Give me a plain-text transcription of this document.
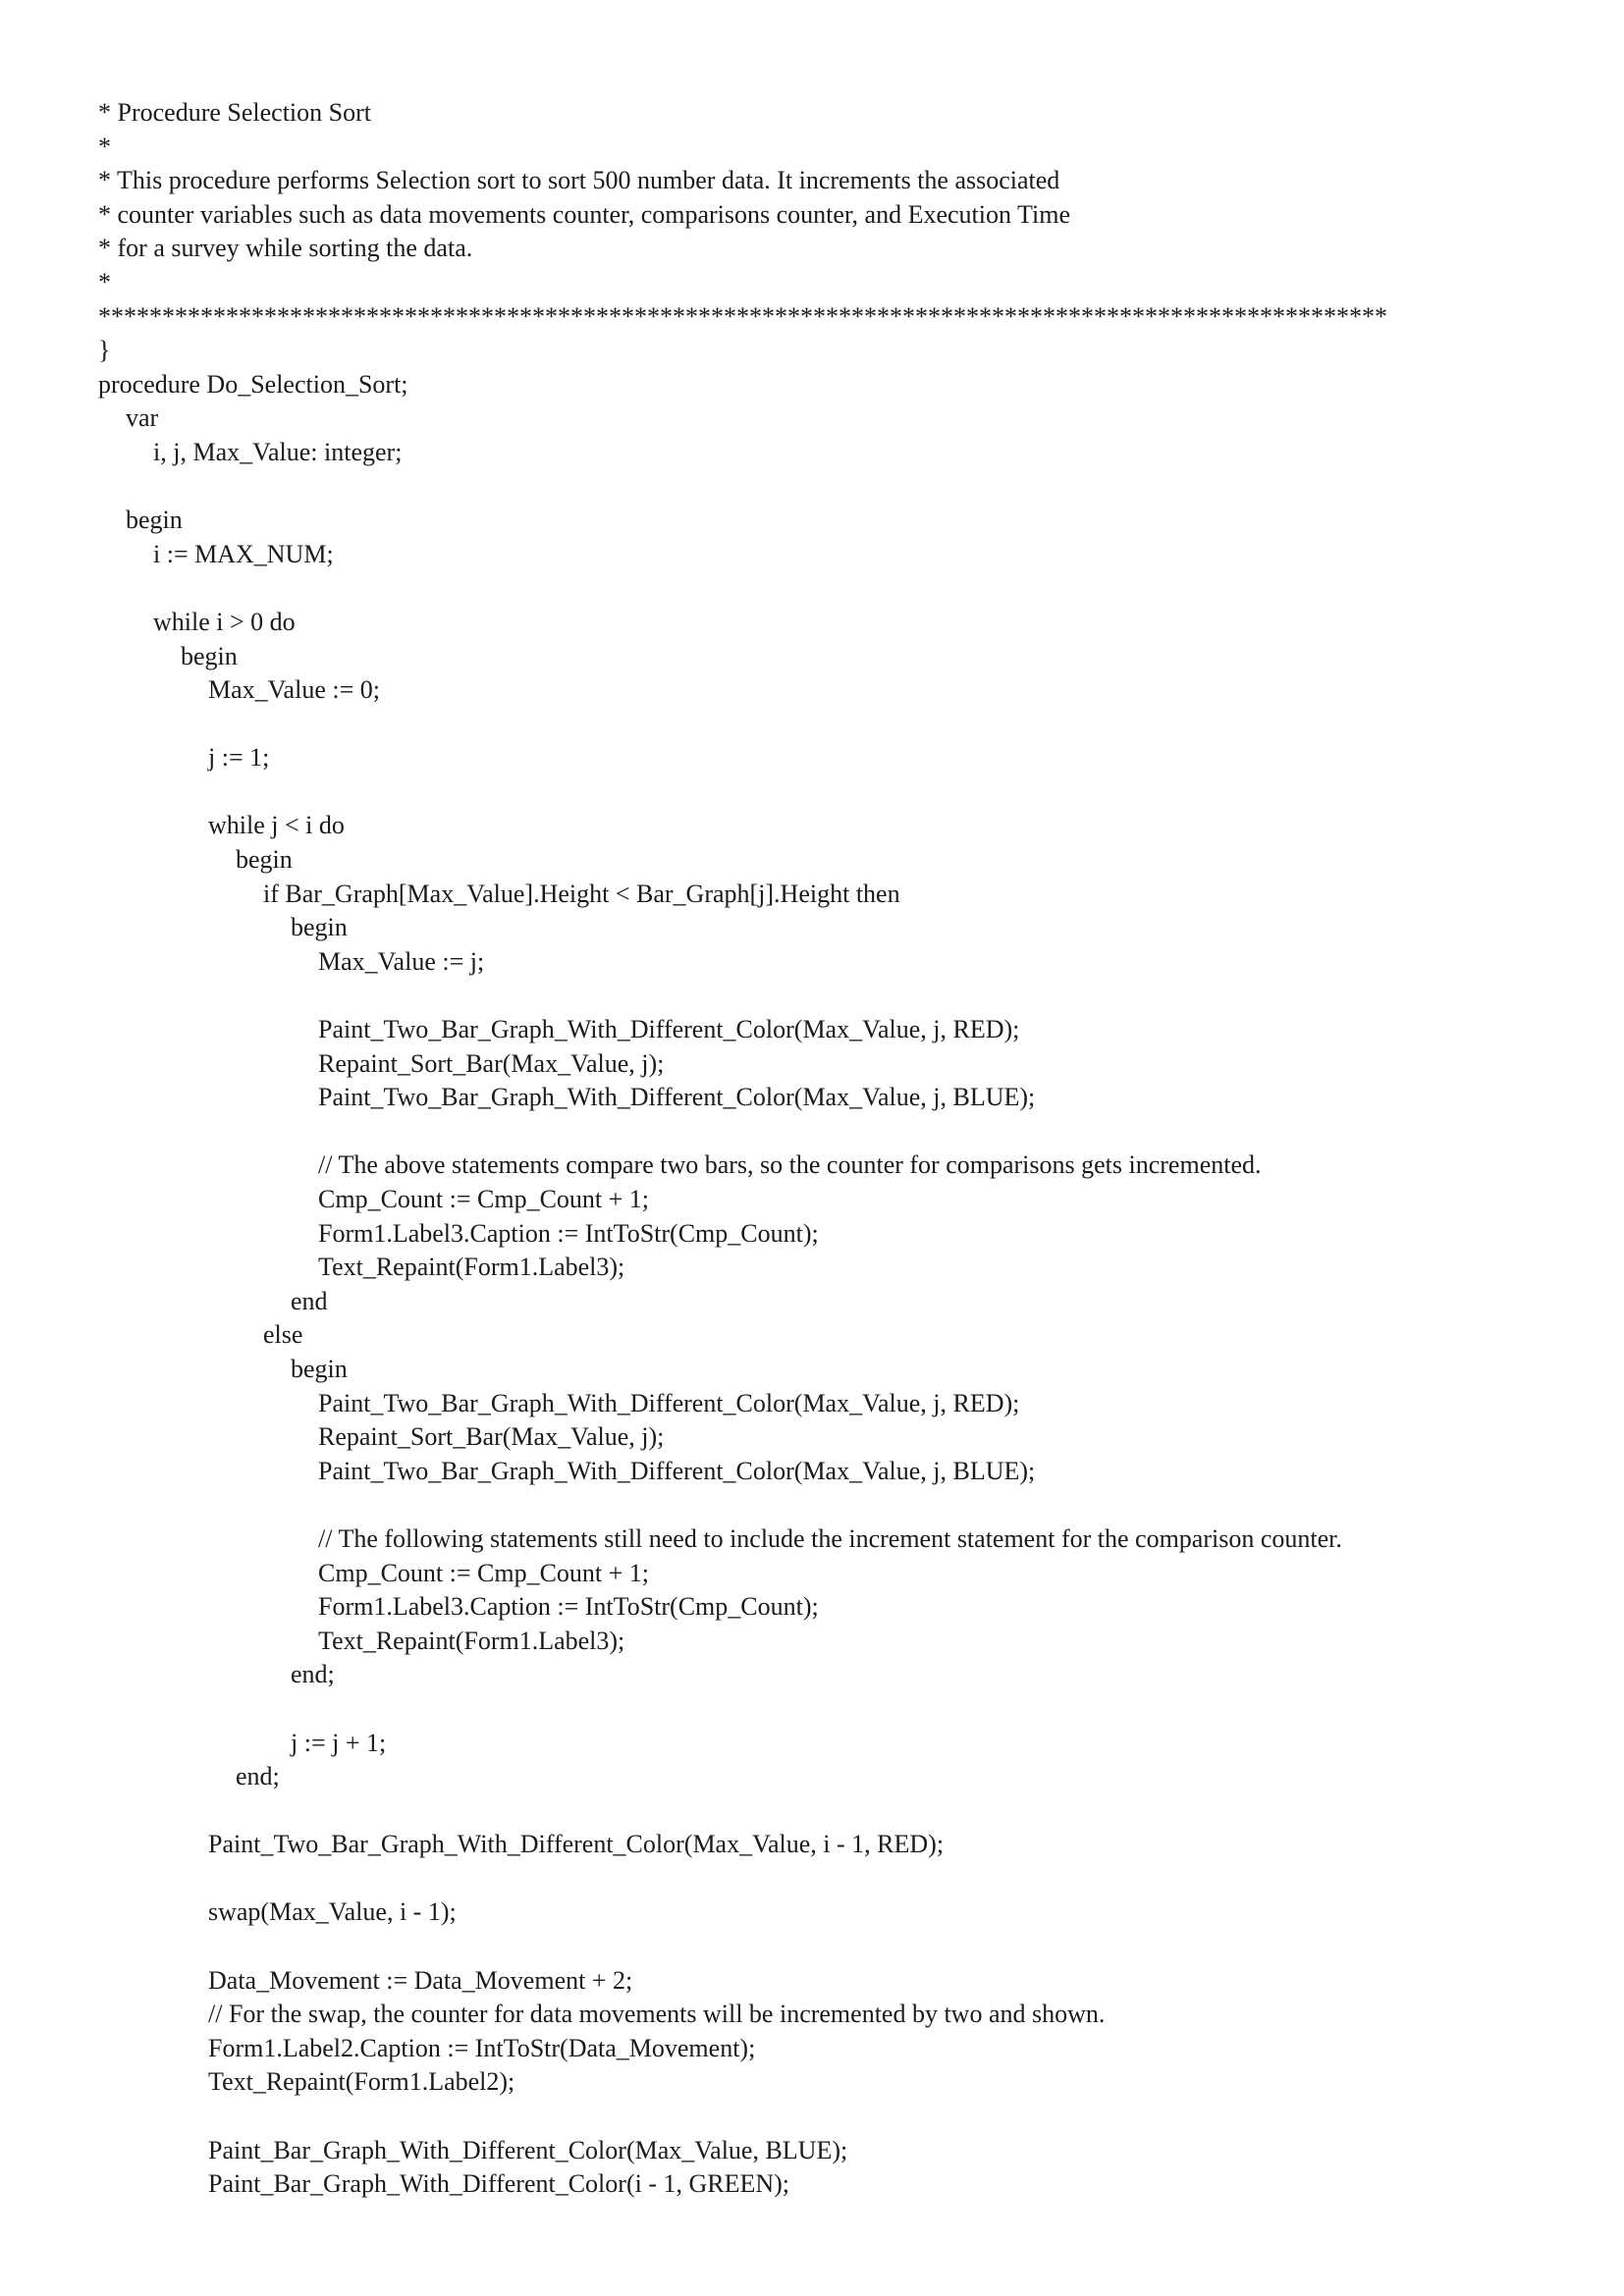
* Procedure Selection Sort
*
* This procedure performs Selection sort to sort 500 number data. It increments the associated
* counter variables such as data movements counter, comparisons counter, and Execution Time
* for a survey while sorting the data.
*
*****************************************************************************************************
}
procedure Do_Selection_Sort;
var
i, j, Max_Value: integer;
begin
i := MAX_NUM;
while i > 0 do
begin
Max_Value := 0;
j := 1;
while j < i do
begin
if Bar_Graph[Max_Value].Height < Bar_Graph[j].Height then
begin
Max_Value := j;
Paint_Two_Bar_Graph_With_Different_Color(Max_Value, j, RED);
Repaint_Sort_Bar(Max_Value, j);
Paint_Two_Bar_Graph_With_Different_Color(Max_Value, j, BLUE);
// The above statements compare two bars, so the counter for comparisons gets incremented.
Cmp_Count := Cmp_Count + 1;
Form1.Label3.Caption := IntToStr(Cmp_Count);
Text_Repaint(Form1.Label3);
end
else
begin
Paint_Two_Bar_Graph_With_Different_Color(Max_Value, j, RED);
Repaint_Sort_Bar(Max_Value, j);
Paint_Two_Bar_Graph_With_Different_Color(Max_Value, j, BLUE);
// The following statements still need to include the increment statement for the comparison counter.
Cmp_Count := Cmp_Count + 1;
Form1.Label3.Caption := IntToStr(Cmp_Count);
Text_Repaint(Form1.Label3);
end;
j := j + 1;
end;
Paint_Two_Bar_Graph_With_Different_Color(Max_Value, i - 1, RED);
swap(Max_Value, i - 1);
Data_Movement := Data_Movement + 2;
// For the swap, the counter for data movements will be incremented by two and shown.
Form1.Label2.Caption := IntToStr(Data_Movement);
Text_Repaint(Form1.Label2);
Paint_Bar_Graph_With_Different_Color(Max_Value, BLUE);
Paint_Bar_Graph_With_Different_Color(i - 1, GREEN);
